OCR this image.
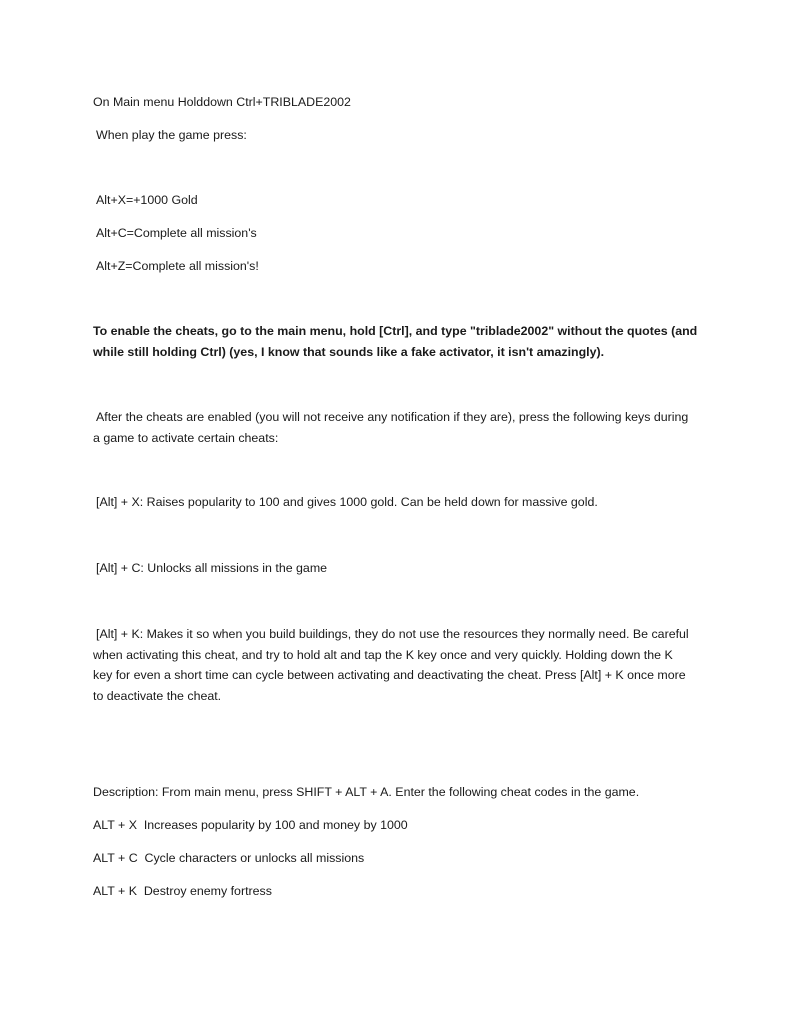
On Main menu Holddown Ctrl+TRIBLADE2002
When play the game press:
Alt+X=+1000 Gold
Alt+C=Complete all mission's
Alt+Z=Complete all mission's!
To enable the cheats, go to the main menu, hold [Ctrl], and type "triblade2002" without the quotes (and while still holding Ctrl) (yes, I know that sounds like a fake activator, it isn't amazingly).
After the cheats are enabled (you will not receive any notification if they are), press the following keys during a game to activate certain cheats:
[Alt] + X: Raises popularity to 100 and gives 1000 gold. Can be held down for massive gold.
[Alt] + C: Unlocks all missions in the game
[Alt] + K: Makes it so when you build buildings, they do not use the resources they normally need. Be careful when activating this cheat, and try to hold alt and tap the K key once and very quickly. Holding down the K key for even a short time can cycle between activating and deactivating the cheat. Press [Alt] + K once more to deactivate the cheat.
Description: From main menu, press SHIFT + ALT + A. Enter the following cheat codes in the game.
ALT + X  Increases popularity by 100 and money by 1000
ALT + C  Cycle characters or unlocks all missions
ALT + K  Destroy enemy fortress
